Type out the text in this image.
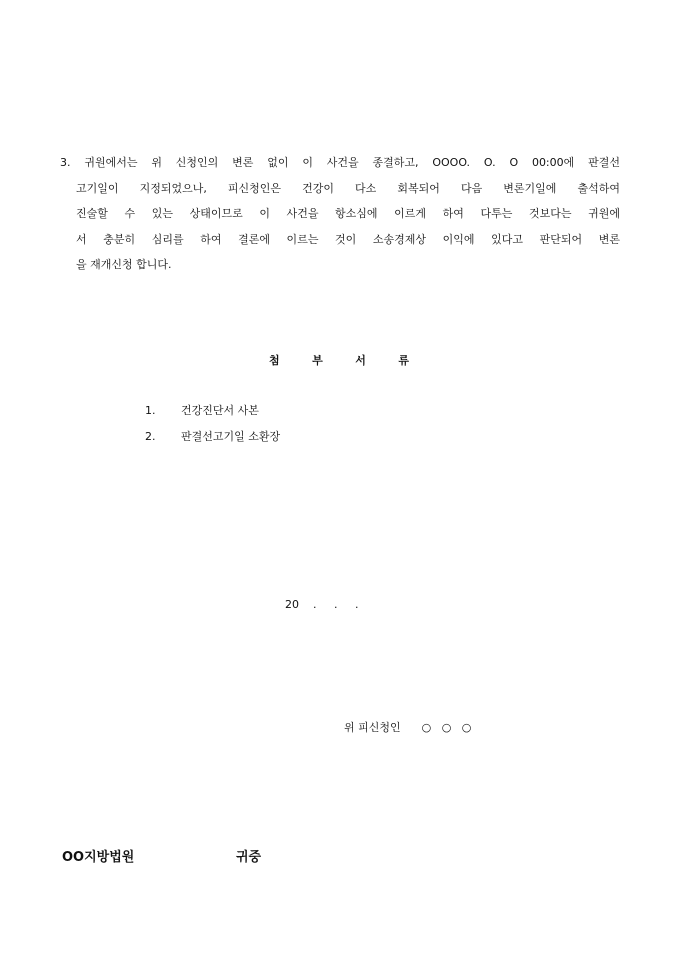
3. 귀원에서는 위 신청인의 변론 없이 이 사건을 종결하고, OOOO. O. O 00:00에 판결선
고기일이 지정되었으나, 피신청인은 건강이 다소 회복되어 다음 변론기일에 출석하여
진술할 수 있는 상태이므로 이 사건을 항소심에 이르게 하여 다투는 것보다는 귀원에
서 충분히 심리를 하여 결론에 이르는 것이 소송경제상 이익에 있다고 판단되어 변론
을 재개신청 합니다.
첨	부	서	류
1.	건강진단서 사본
2.	판결선고기일 소환장
20    .     .     .
위 피신청인      ○   ○   ○
OO지방법원	귀중
